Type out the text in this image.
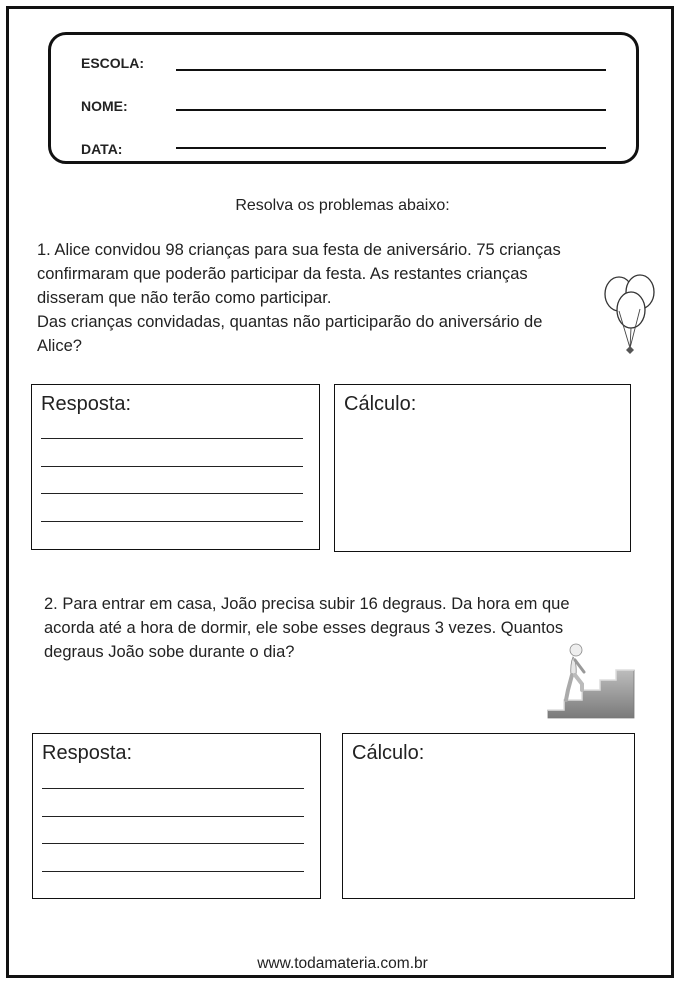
ESCOLA:
NOME:
DATA:
Resolva os problemas abaixo:
1. Alice convidou 98 crianças para sua festa de aniversário. 75 crianças
confirmaram que poderão participar da festa. As restantes crianças
disseram que não terão como participar.
Das crianças convidadas, quantas não participarão do aniversário de
Alice?
Resposta:	Cálculo:
2. Para entrar em casa, João precisa subir 16 degraus. Da hora em que
acorda até a hora de dormir, ele sobe esses degraus 3 vezes. Quantos
degraus João sobe durante o dia?
Resposta:	Cálculo:
www.todamateria.com.br
